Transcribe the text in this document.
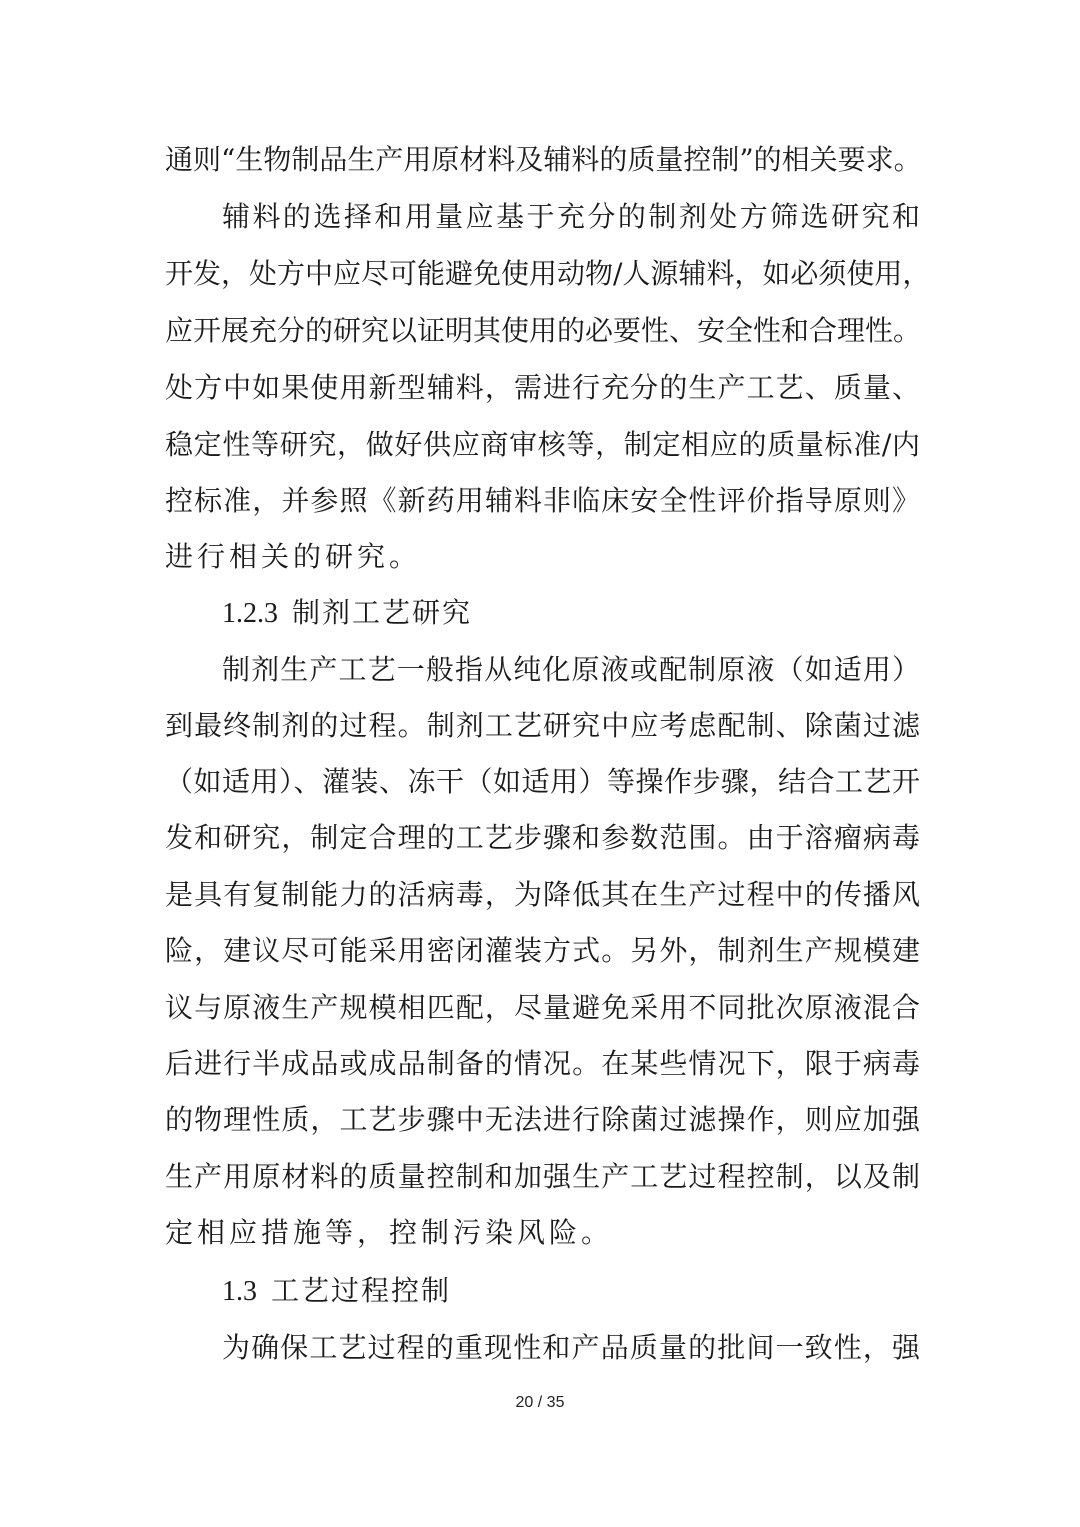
通则“生物制品生产用原材料及辅料的质量控制”的相关要求。
辅料的选择和用量应基于充分的制剂处方筛选研究和
开发，处方中应尽可能避免使用动物/人源辅料，如必须使用，
应开展充分的研究以证明其使用的必要性、安全性和合理性。
处方中如果使用新型辅料，需进行充分的生产工艺、质量、
稳定性等研究，做好供应商审核等，制定相应的质量标准/内
控标准，并参照《新药用辅料非临床安全性评价指导原则》
进行相关的研究。
1.2.3 制剂工艺研究
制剂生产工艺一般指从纯化原液或配制原液（如适用）
到最终制剂的过程。制剂工艺研究中应考虑配制、除菌过滤
（如适用）、灌装、冻干（如适用）等操作步骤，结合工艺开
发和研究，制定合理的工艺步骤和参数范围。由于溶瘤病毒
是具有复制能力的活病毒，为降低其在生产过程中的传播风
险，建议尽可能采用密闭灌装方式。另外，制剂生产规模建
议与原液生产规模相匹配，尽量避免采用不同批次原液混合
后进行半成品或成品制备的情况。在某些情况下，限于病毒
的物理性质，工艺步骤中无法进行除菌过滤操作，则应加强
生产用原材料的质量控制和加强生产工艺过程控制，以及制
定相应措施等，控制污染风险。
1.3 工艺过程控制
为确保工艺过程的重现性和产品质量的批间一致性，强
20 / 35
